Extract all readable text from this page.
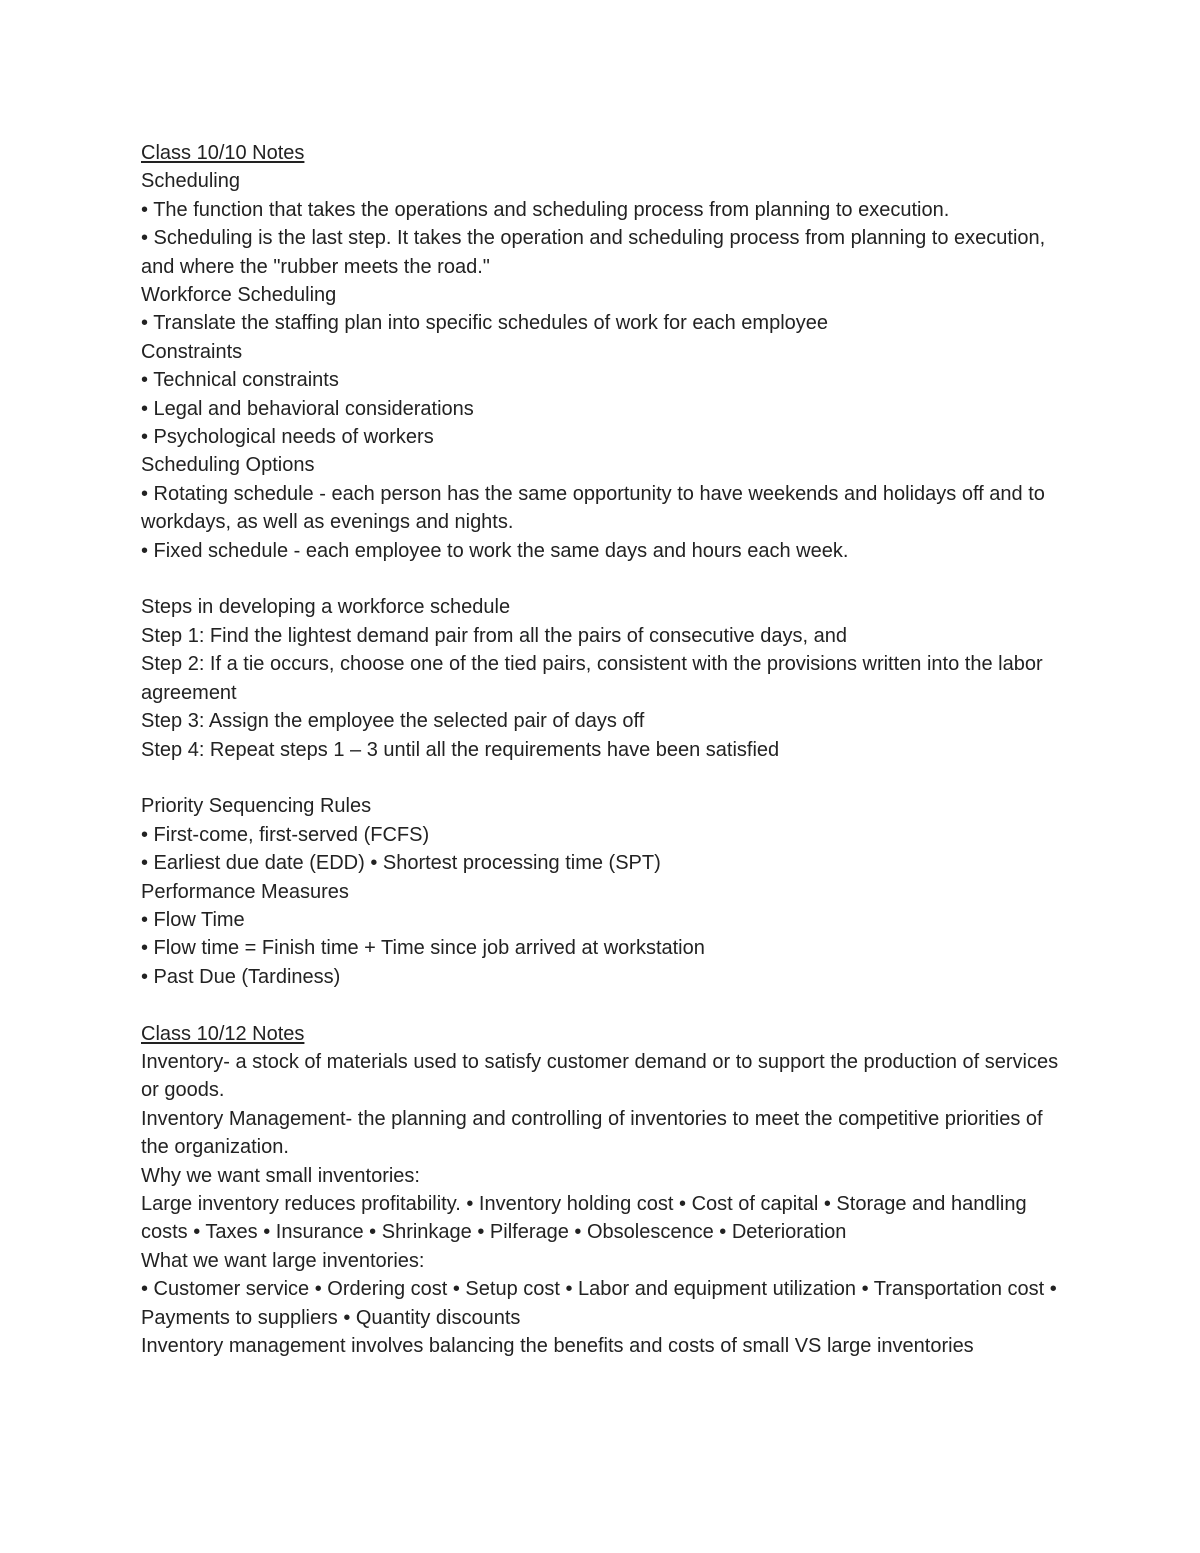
Class 10/10 Notes
Scheduling
• The function that takes the operations and scheduling process from planning to execution.
• Scheduling is the last step. It takes the operation and scheduling process from planning to execution, and where the "rubber meets the road."
Workforce Scheduling
• Translate the staffing plan into specific schedules of work for each employee
Constraints
• Technical constraints
• Legal and behavioral considerations
• Psychological needs of workers
Scheduling Options
• Rotating schedule - each person has the same opportunity to have weekends and holidays off and to workdays, as well as evenings and nights.
• Fixed schedule - each employee to work the same days and hours each week.
Steps in developing a workforce schedule
Step 1: Find the lightest demand pair from all the pairs of consecutive days, and
Step 2: If a tie occurs, choose one of the tied pairs, consistent with the provisions written into the labor agreement
Step 3: Assign the employee the selected pair of days off
Step 4: Repeat steps 1 – 3 until all the requirements have been satisfied
Priority Sequencing Rules
• First-come, first-served (FCFS)
• Earliest due date (EDD) • Shortest processing time (SPT)
Performance Measures
• Flow Time
• Flow time = Finish time + Time since job arrived at workstation
• Past Due (Tardiness)
Class 10/12 Notes
Inventory- a stock of materials used to satisfy customer demand or to support the production of services or goods.
Inventory Management- the planning and controlling of inventories to meet the competitive priorities of the organization.
Why we want small inventories:
Large inventory reduces profitability. • Inventory holding cost • Cost of capital • Storage and handling costs • Taxes • Insurance • Shrinkage • Pilferage • Obsolescence • Deterioration
What we want large inventories:
• Customer service • Ordering cost • Setup cost • Labor and equipment utilization • Transportation cost • Payments to suppliers • Quantity discounts
Inventory management involves balancing the benefits and costs of small VS large inventories
